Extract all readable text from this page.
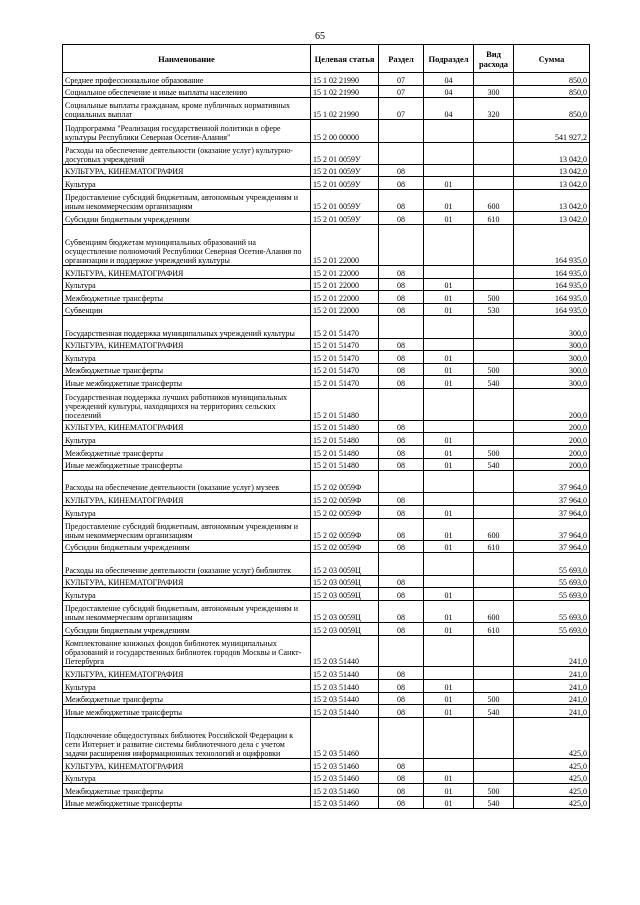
65
Наименование	Целевая статья	Раздел	Подраздел	Вид расхода	Сумма
Среднее профессиональное образование	15 1 02 21990	07	04		850,0
Социальное обеспечение и иные выплаты населению	15 1 02 21990	07	04	300	850,0
Социальные выплаты гражданам, кроме публичных нормативных социальных выплат	15 1 02 21990	07	04	320	850,0
Подпрограмма "Реализация государственной политики в сфере культуры Республики Северная Осетия-Алания"	15 2 00 00000				541 927,2
Расходы на обеспечение деятельности (оказание услуг) культурно-досуговых учреждений	15 2 01 0059У				13 042,0
КУЛЬТУРА, КИНЕМАТОГРАФИЯ	15 2 01 0059У	08			13 042,0
Культура	15 2 01 0059У	08	01		13 042,0
Предоставление субсидий бюджетным, автономным учреждениям и иным некоммерческим организациям	15 2 01 0059У	08	01	600	13 042,0
Субсидии бюджетным учреждениям	15 2 01 0059У	08	01	610	13 042,0
Субвенциям бюджетам муниципальных образований на осуществление полномочий Республики Северная Осетия-Алания по организации и поддержке учреждений культуры	15 2 01 22000				164 935,0
КУЛЬТУРА, КИНЕМАТОГРАФИЯ	15 2 01 22000	08			164 935,0
Культура	15 2 01 22000	08	01		164 935,0
Межбюджетные трансферты	15 2 01 22000	08	01	500	164 935,0
Субвенции	15 2 01 22000	08	01	530	164 935,0
Государственная поддержка муниципальных учреждений культуры	15 2 01 51470				300,0
КУЛЬТУРА, КИНЕМАТОГРАФИЯ	15 2 01 51470	08			300,0
Культура	15 2 01 51470	08	01		300,0
Межбюджетные трансферты	15 2 01 51470	08	01	500	300,0
Иные межбюджетные трансферты	15 2 01 51470	08	01	540	300,0
Государственная поддержка лучших работников муниципальных учреждений культуры, находящихся на территориях сельских поселений	15 2 01 51480				200,0
КУЛЬТУРА, КИНЕМАТОГРАФИЯ	15 2 01 51480	08			200,0
Культура	15 2 01 51480	08	01		200,0
Межбюджетные трансферты	15 2 01 51480	08	01	500	200,0
Иные межбюджетные трансферты	15 2 01 51480	08	01	540	200,0
Расходы на обеспечение деятельности (оказание услуг) музеев	15 2 02 0059Ф				37 964,0
КУЛЬТУРА, КИНЕМАТОГРАФИЯ	15 2 02 0059Ф	08			37 964,0
Культура	15 2 02 0059Ф	08	01		37 964,0
Предоставление субсидий бюджетным, автономным учреждениям и иным некоммерческим организациям	15 2 02 0059Ф	08	01	600	37 964,0
Субсидии бюджетным учреждениям	15 2 02 0059Ф	08	01	610	37 964,0
Расходы на обеспечение деятельности (оказание услуг) библиотек	15 2 03 0059Ц				55 693,0
КУЛЬТУРА, КИНЕМАТОГРАФИЯ	15 2 03 0059Ц	08			55 693,0
Культура	15 2 03 0059Ц	08	01		55 693,0
Предоставление субсидий бюджетным, автономным учреждениям и иным некоммерческим организациям	15 2 03 0059Ц	08	01	600	55 693,0
Субсидии бюджетным учреждениям	15 2 03 0059Ц	08	01	610	55 693,0
Комплектование книжных фондов библиотек муниципальных образований и государственных библиотек городов Москвы и Санкт-Петербурга	15 2 03 51440				241,0
КУЛЬТУРА, КИНЕМАТОГРАФИЯ	15 2 03 51440	08			241,0
Культура	15 2 03 51440	08	01		241,0
Межбюджетные трансферты	15 2 03 51440	08	01	500	241,0
Иные межбюджетные трансферты	15 2 03 51440	08	01	540	241,0
Подключение общедоступных библиотек Российской Федерации к сети Интернет и развитие системы библиотечного дела с учетом задачи расширения информационных технологий и оцифровки	15 2 03 51460				425,0
КУЛЬТУРА, КИНЕМАТОГРАФИЯ	15 2 03 51460	08			425,0
Культура	15 2 03 51460	08	01		425,0
Межбюджетные трансферты	15 2 03 51460	08	01	500	425,0
Иные межбюджетные трансферты	15 2 03 51460	08	01	540	425,0
